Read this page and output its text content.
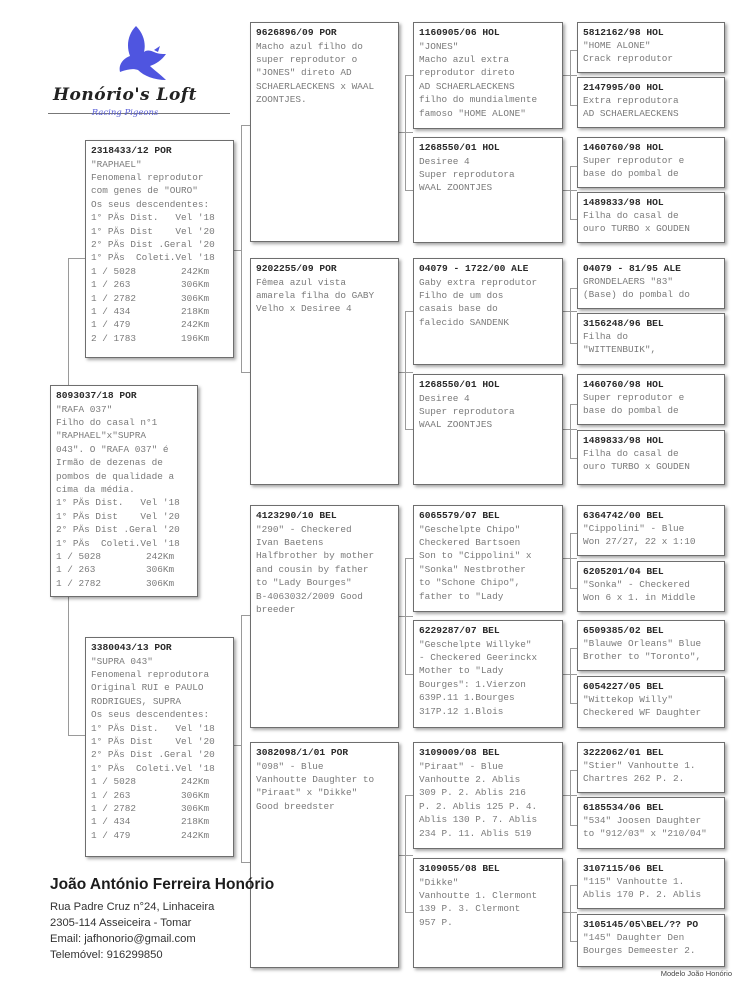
Honório's Loft
Racing Pigeons
8093037/18 POR
"RAFA 037"
Filho do casal n°1
"RAPHAEL"x"SUPRA
043". O "RAFA 037" é
Irmão de dezenas de
pombos de qualidade a
cima da média.
1° PÄs Dist.   Vel '18
1° PÄs Dist    Vel '20
2° PÄs Dist .Geral '20
1° PÄs  Coleti.Vel '18
1 / 5028        242Km
1 / 263         306Km
1 / 2782        306Km
2318433/12 POR
"RAPHAEL"
Fenomenal reprodutor
com genes de "OURO"
Os seus descendentes:
1° PÄs Dist.   Vel '18
1° PÄs Dist    Vel '20
2° PÄs Dist .Geral '20
1° PÄs  Coleti.Vel '18
1 / 5028        242Km
1 / 263         306Km
1 / 2782        306Km
1 / 434         218Km
1 / 479         242Km
2 / 1783        196Km
3380043/13 POR
"SUPRA 043"
Fenomenal reprodutora
Original RUI e PAULO
RODRIGUES, SUPRA
Os seus descendentes:
1° PÄs Dist.   Vel '18
1° PÄs Dist    Vel '20
2° PÄs Dist .Geral '20
1° PÄs  Coleti.Vel '18
1 / 5028        242Km
1 / 263         306Km
1 / 2782        306Km
1 / 434         218Km
1 / 479         242Km
9626896/09 POR
Macho azul filho do
super reprodutor o
"JONES" direto AD
SCHAERLAECKENS x WAAL
ZOONTJES.
9202255/09 POR
Fêmea azul vista
amarela filha do GABY
Velho x Desiree 4
4123290/10 BEL
"290" - Checkered
Ivan Baetens
Halfbrother by mother
and cousin by father
to "Lady Bourges"
B-4063032/2009 Good
breeder
3082098/1/01 POR
"098" - Blue
Vanhoutte Daughter to
"Piraat" x "Dikke"
Good breedster
1160905/06 HOL
"JONES"
Macho azul extra
reprodutor direto
AD SCHAERLAECKENS
filho do mundialmente
famoso "HOME ALONE"
1268550/01 HOL
Desiree 4
Super reprodutora
WAAL ZOONTJES
04079 - 1722/00 ALE
Gaby extra reprodutor
Filho de um dos
casais base do
falecido SANDENK
1268550/01 HOL
Desiree 4
Super reprodutora
WAAL ZOONTJES
6065579/07 BEL
"Geschelpte Chipo"
Checkered Bartsoen
Son to "Cippolini" x
"Sonka" Nestbrother
to "Schone Chipo",
father to "Lady
6229287/07 BEL
"Geschelpte Willyke"
- Checkered Geerinckx
Mother to "Lady
Bourges": 1.Vierzon
639P.11 1.Bourges
317P.12 1.Blois
3109009/08 BEL
"Piraat" - Blue
Vanhoutte 2. Ablis
309 P. 2. Ablis 216
P. 2. Ablis 125 P. 4.
Ablis 130 P. 7. Ablis
234 P. 11. Ablis 519
3109055/08 BEL
"Dikke"
Vanhoutte 1. Clermont
139 P. 3. Clermont
957 P.
5812162/98 HOL
"HOME ALONE"
Crack reprodutor
2147995/00 HOL
Extra reprodutora
AD SCHAERLAECKENS
1460760/98 HOL
Super reprodutor e
base do pombal de
1489833/98 HOL
Filha do casal de
ouro TURBO x GOUDEN
04079 - 81/95 ALE
GRONDELAERS "83"
(Base) do pombal do
3156248/96 BEL
Filha do
"WITTENBUIK",
1460760/98 HOL
Super reprodutor e
base do pombal de
1489833/98 HOL
Filha do casal de
ouro TURBO x GOUDEN
6364742/00 BEL
"Cippolini" - Blue
Won 27/27, 22 x 1:10
6205201/04 BEL
"Sonka" - Checkered
Won 6 x 1. in Middle
6509385/02 BEL
"Blauwe Orleans" Blue
Brother to "Toronto",
6054227/05 BEL
"Wittekop Willy"
Checkered WF Daughter
3222062/01 BEL
"Stier" Vanhoutte 1.
Chartres 262 P. 2.
6185534/06 BEL
"534" Joosen Daughter
to "912/03" x "210/04"
3107115/06 BEL
"115" Vanhoutte 1.
Ablis 170 P. 2. Ablis
3105145/05\BEL/?? PO
"145" Daughter Den
Bourges Demeester 2.
João António Ferreira Honório
Rua Padre Cruz n°24, Linhaceira
2305-114 Asseiceira - Tomar
Email: jafhonorio@gmail.com
Telemóvel: 916299850
Modelo João Honório
